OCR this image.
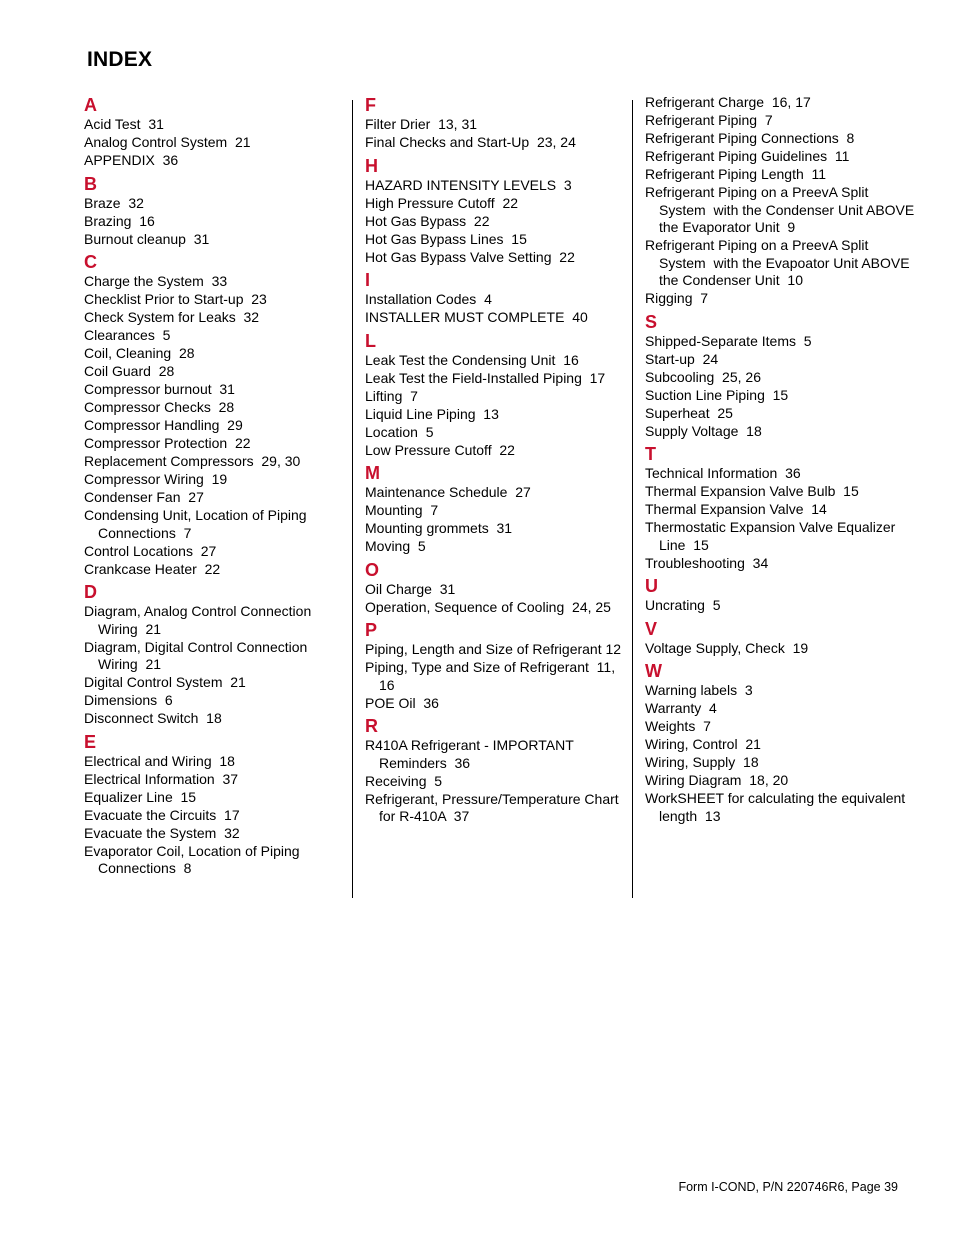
INDEX
A
Acid Test  31
Analog Control System  21
APPENDIX  36
B
Braze  32
Brazing  16
Burnout cleanup  31
C
Charge the System  33
Checklist Prior to Start-up  23
Check System for Leaks  32
Clearances  5
Coil, Cleaning  28
Coil Guard  28
Compressor burnout  31
Compressor Checks  28
Compressor Handling  29
Compressor Protection  22
Replacement Compressors  29, 30
Compressor Wiring  19
Condenser Fan  27
Condensing Unit, Location of Piping Connections  7
Control Locations  27
Crankcase Heater  22
D
Diagram, Analog Control Connection Wiring  21
Diagram, Digital Control Connection Wiring  21
Digital Control System  21
Dimensions  6
Disconnect Switch  18
E
Electrical and Wiring  18
Electrical Information  37
Equalizer Line  15
Evacuate the Circuits  17
Evacuate the System  32
Evaporator Coil, Location of Piping Connections  8
F
Filter Drier  13, 31
Final Checks and Start-Up  23, 24
H
HAZARD INTENSITY LEVELS  3
High Pressure Cutoff  22
Hot Gas Bypass  22
Hot Gas Bypass Lines  15
Hot Gas Bypass Valve Setting  22
I
Installation Codes  4
INSTALLER MUST COMPLETE  40
L
Leak Test the Condensing Unit  16
Leak Test the Field-Installed Piping  17
Lifting  7
Liquid Line Piping  13
Location  5
Low Pressure Cutoff  22
M
Maintenance Schedule  27
Mounting  7
Mounting grommets  31
Moving  5
O
Oil Charge  31
Operation, Sequence of Cooling  24, 25
P
Piping, Length and Size of Refrigerant 12
Piping, Type and Size of Refrigerant  11, 16
POE Oil  36
R
R410A Refrigerant - IMPORTANT Reminders  36
Receiving  5
Refrigerant, Pressure/Temperature Chart for R-410A  37
Refrigerant Charge  16, 17
Refrigerant Piping  7
Refrigerant Piping Connections  8
Refrigerant Piping Guidelines  11
Refrigerant Piping Length  11
Refrigerant Piping on a PreevA Split System  with the Condenser Unit ABOVE the Evaporator Unit  9
Refrigerant Piping on a PreevA Split System  with the Evapoator Unit ABOVE the Condenser Unit  10
Rigging  7
S
Shipped-Separate Items  5
Start-up  24
Subcooling  25, 26
Suction Line Piping  15
Superheat  25
Supply Voltage  18
T
Technical Information  36
Thermal Expansion Valve Bulb  15
Thermal Expansion Valve  14
Thermostatic Expansion Valve Equalizer Line  15
Troubleshooting  34
U
Uncrating  5
V
Voltage Supply, Check  19
W
Warning labels  3
Warranty  4
Weights  7
Wiring, Control  21
Wiring, Supply  18
Wiring Diagram  18, 20
WorkSHEET for calculating the equivalent length  13
Form I-COND, P/N 220746R6, Page 39
